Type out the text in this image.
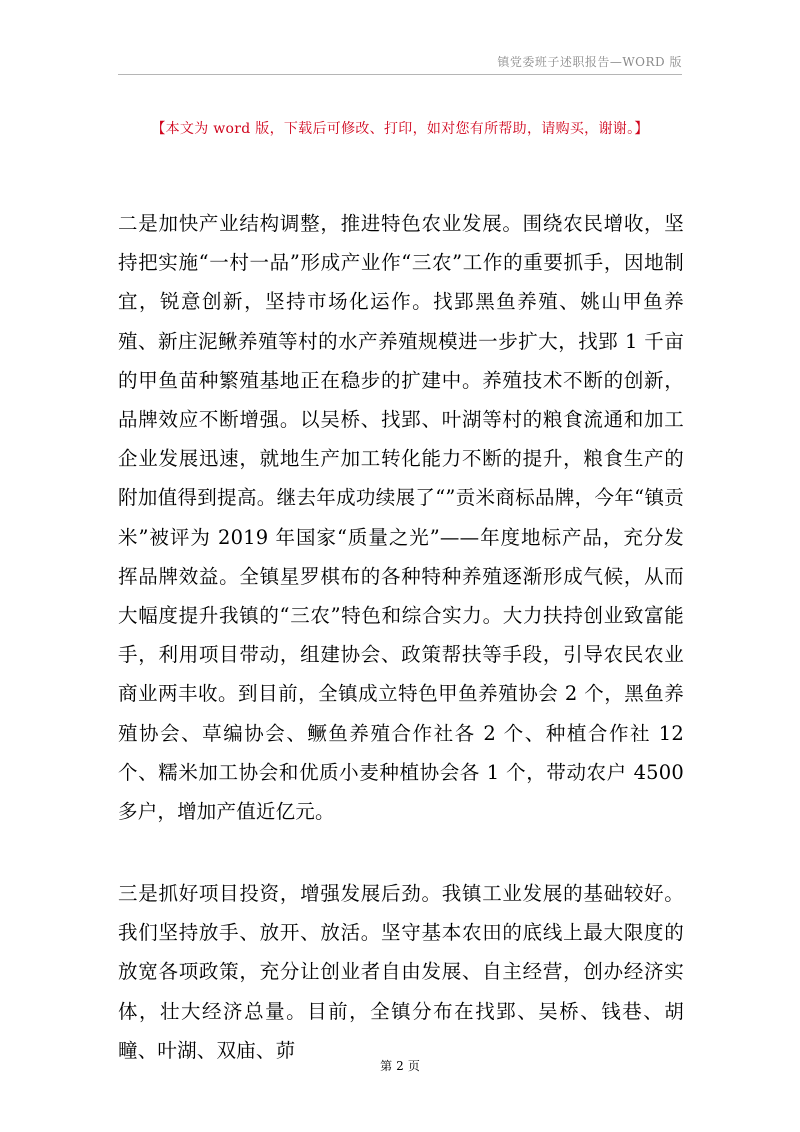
镇党委班子述职报告—WORD 版
【本文为 word 版，下载后可修改、打印，如对您有所帮助，请购买，谢谢。】

二是加快产业结构调整，推进特色农业发展。围绕农民增收，坚持把实施“一村一品”形成产业作“三农”工作的重要抓手，因地制宜，锐意创新，坚持市场化运作。找郢黑鱼养殖、姚山甲鱼养殖、新庄泥鳅养殖等村的水产养殖规模进一步扩大，找郢 1 千亩的甲鱼苗种繁殖基地正在稳步的扩建中。养殖技术不断的创新，品牌效应不断增强。以吴桥、找郢、叶湖等村的粮食流通和加工企业发展迅速，就地生产加工转化能力不断的提升，粮食生产的附加值得到提高。继去年成功续展了“”贡米商标品牌，今年“镇贡米”被评为 2019 年国家“质量之光”——年度地标产品，充分发挥品牌效益。全镇星罗棋布的各种特种养殖逐渐形成气候，从而大幅度提升我镇的“三农”特色和综合实力。大力扶持创业致富能手，利用项目带动，组建协会、政策帮扶等手段，引导农民农业商业两丰收。到目前，全镇成立特色甲鱼养殖协会 2 个，黑鱼养殖协会、草编协会、鳜鱼养殖合作社各 2 个、种植合作社 12 个、糯米加工协会和优质小麦种植协会各 1 个，带动农户 4500 多户，增加产值近亿元。

三是抓好项目投资，增强发展后劲。我镇工业发展的基础较好。我们坚持放手、放开、放活。坚守基本农田的底线上最大限度的放宽各项政策，充分让创业者自由发展、自主经营，创办经济实体，壮大经济总量。目前，全镇分布在找郢、吴桥、钱巷、胡疃、叶湖、双庙、茆

第 2 页
